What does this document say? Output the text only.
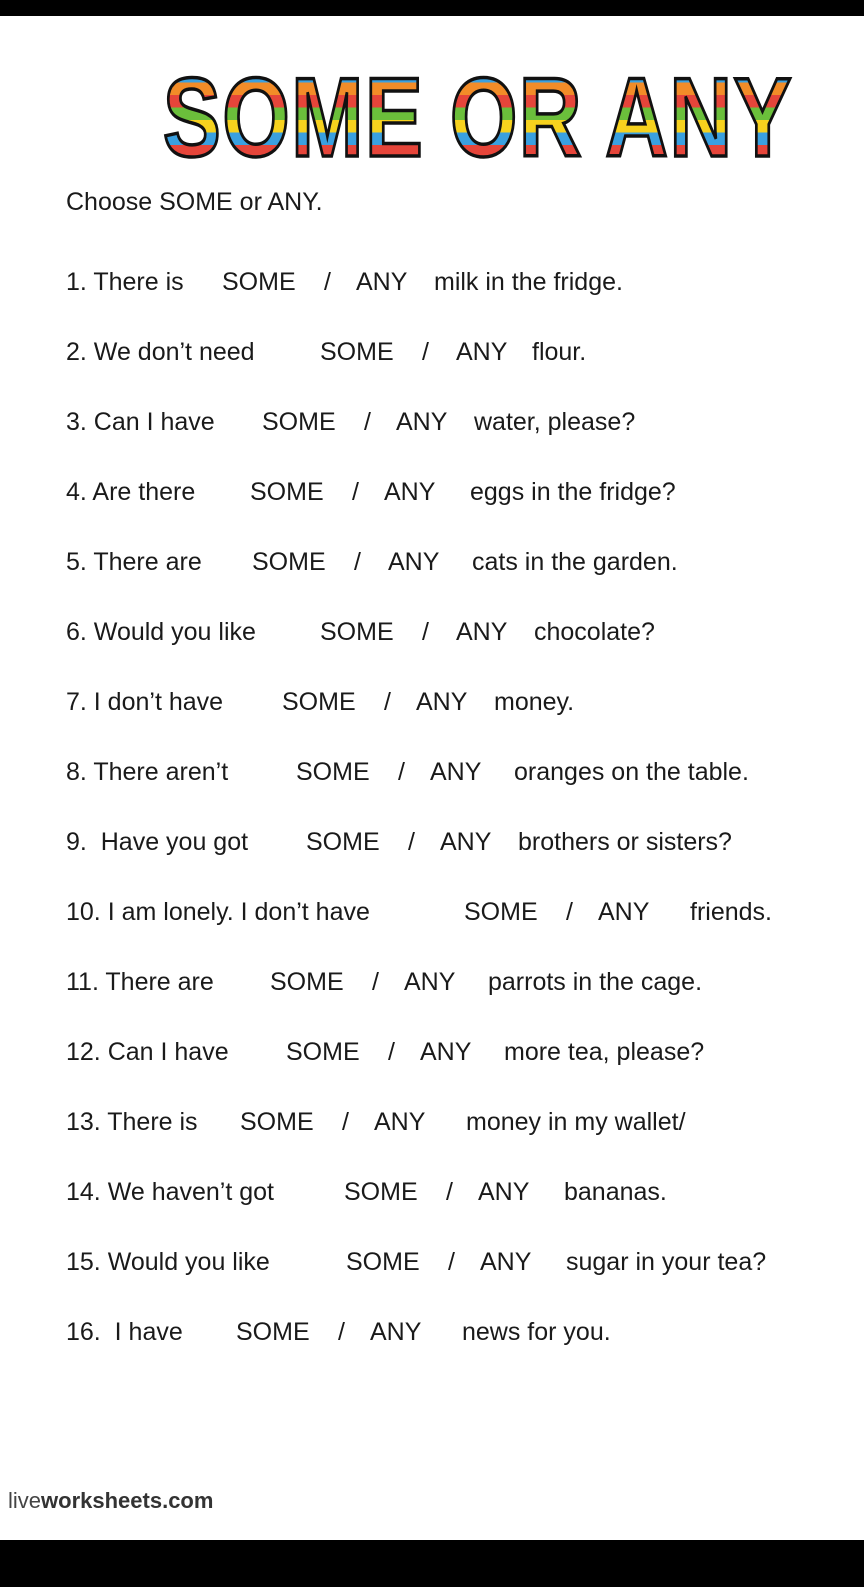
SOME OR ANY
Choose SOME or ANY.
1. There is SOME / ANY milk in the fridge.
2. We don’t need	SOME / ANY flour.
3. Can I have SOME / ANY water, please?
4. Are there SOME / ANY eggs in the fridge?
5. There are SOME / ANY cats in the garden.
6. Would you like	SOME / ANY chocolate?
7. I don’t have SOME / ANY money.
8. There aren’t	SOME / ANY oranges on the table.
9.  Have you got SOME / ANY brothers or sisters?
10. I am lonely. I don’t have	SOME / ANY friends.
11. There are SOME / ANY parrots in the cage.
12. Can I have SOME / ANY more tea, please?
13. There is SOME / ANY money in my wallet/
14. We haven’t got	SOME / ANY bananas.
15. Would you like	SOME / ANY sugar in your tea?
16.  I have SOME / ANY news for you.
liveworksheets.com
